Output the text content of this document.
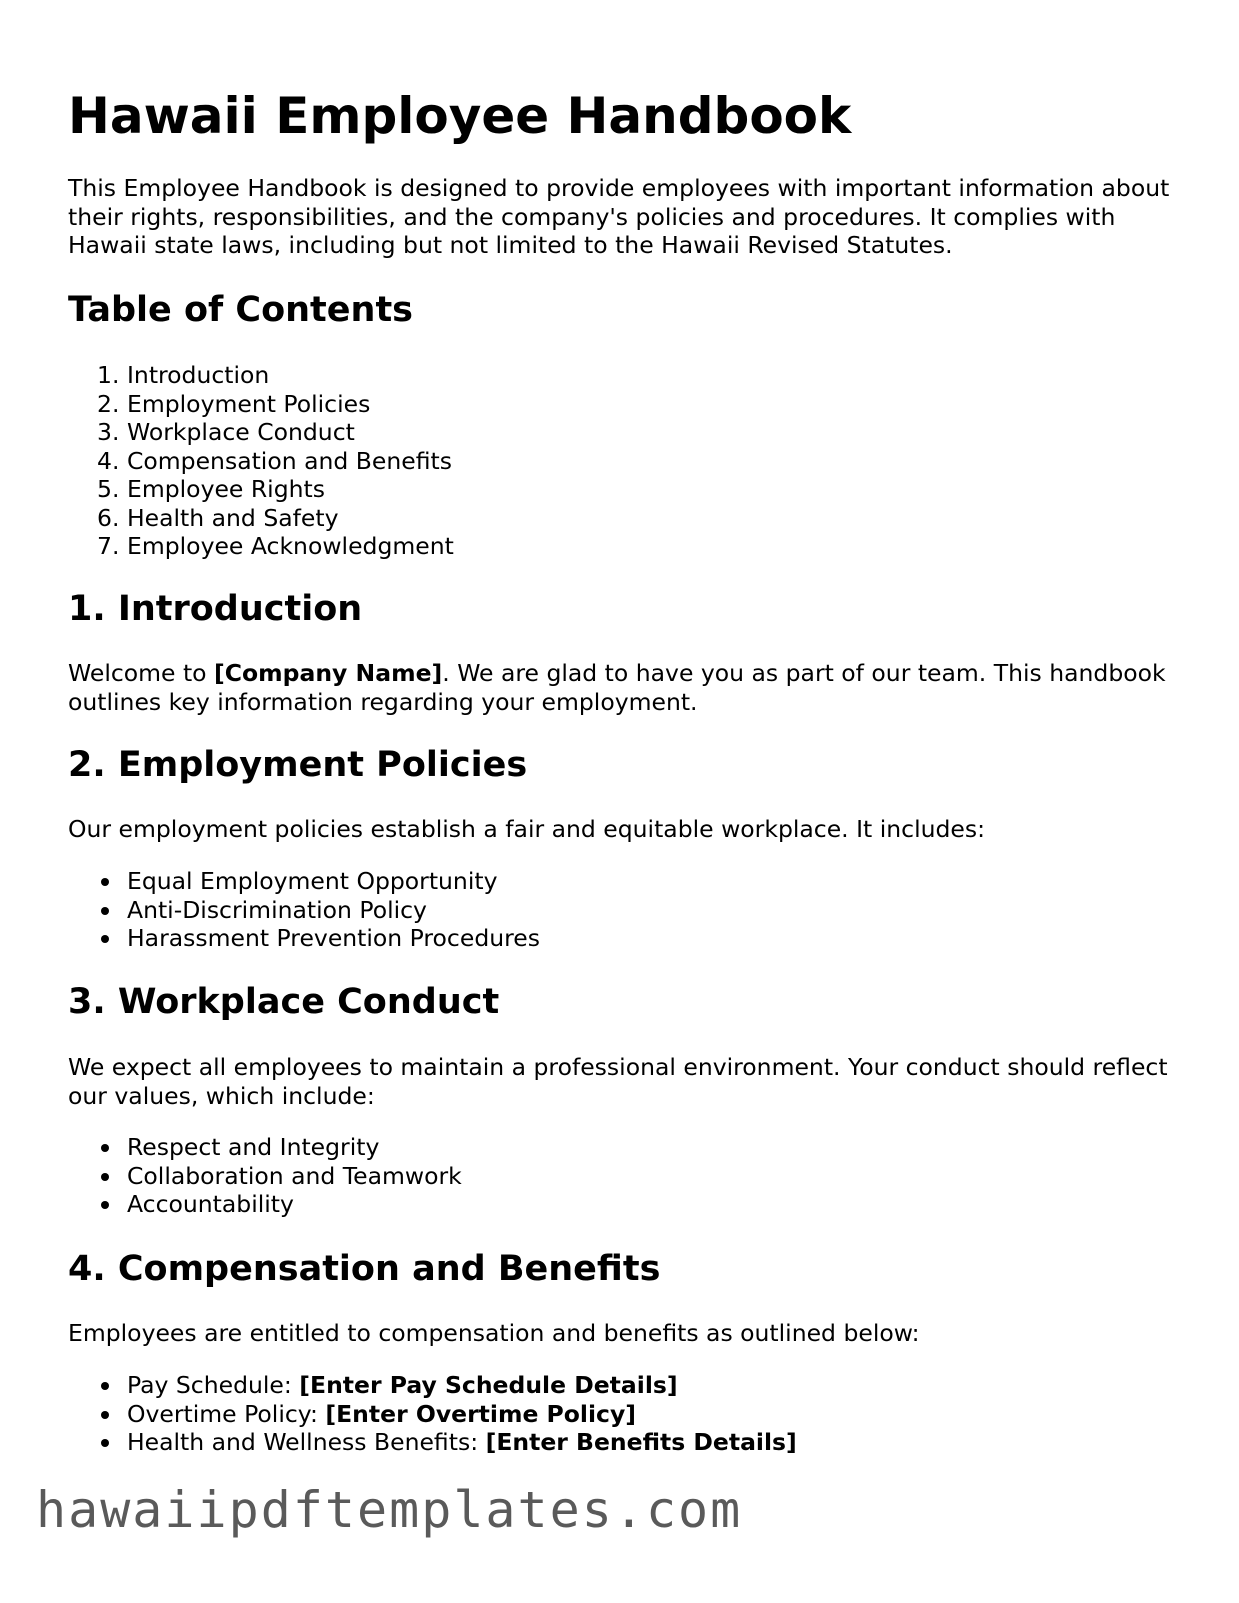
Hawaii Employee Handbook

This Employee Handbook is designed to provide employees with important information about their rights, responsibilities, and the company's policies and procedures. It complies with Hawaii state laws, including but not limited to the Hawaii Revised Statutes.

Table of Contents
1. Introduction
2. Employment Policies
3. Workplace Conduct
4. Compensation and Benefits
5. Employee Rights
6. Health and Safety
7. Employee Acknowledgment
1. Introduction

Welcome to [Company Name]. We are glad to have you as part of our team. This handbook outlines key information regarding your employment.

2. Employment Policies

Our employment policies establish a fair and equitable workplace. It includes:

Equal Employment Opportunity
Anti-Discrimination Policy
Harassment Prevention Procedures
3. Workplace Conduct

We expect all employees to maintain a professional environment. Your conduct should reflect our values, which include:

Respect and Integrity
Collaboration and Teamwork
Accountability
4. Compensation and Benefits

Employees are entitled to compensation and benefits as outlined below:

Pay Schedule: [Enter Pay Schedule Details]
Overtime Policy: [Enter Overtime Policy]
Health and Wellness Benefits: [Enter Benefits Details]
hawaiipdftemplates.com
